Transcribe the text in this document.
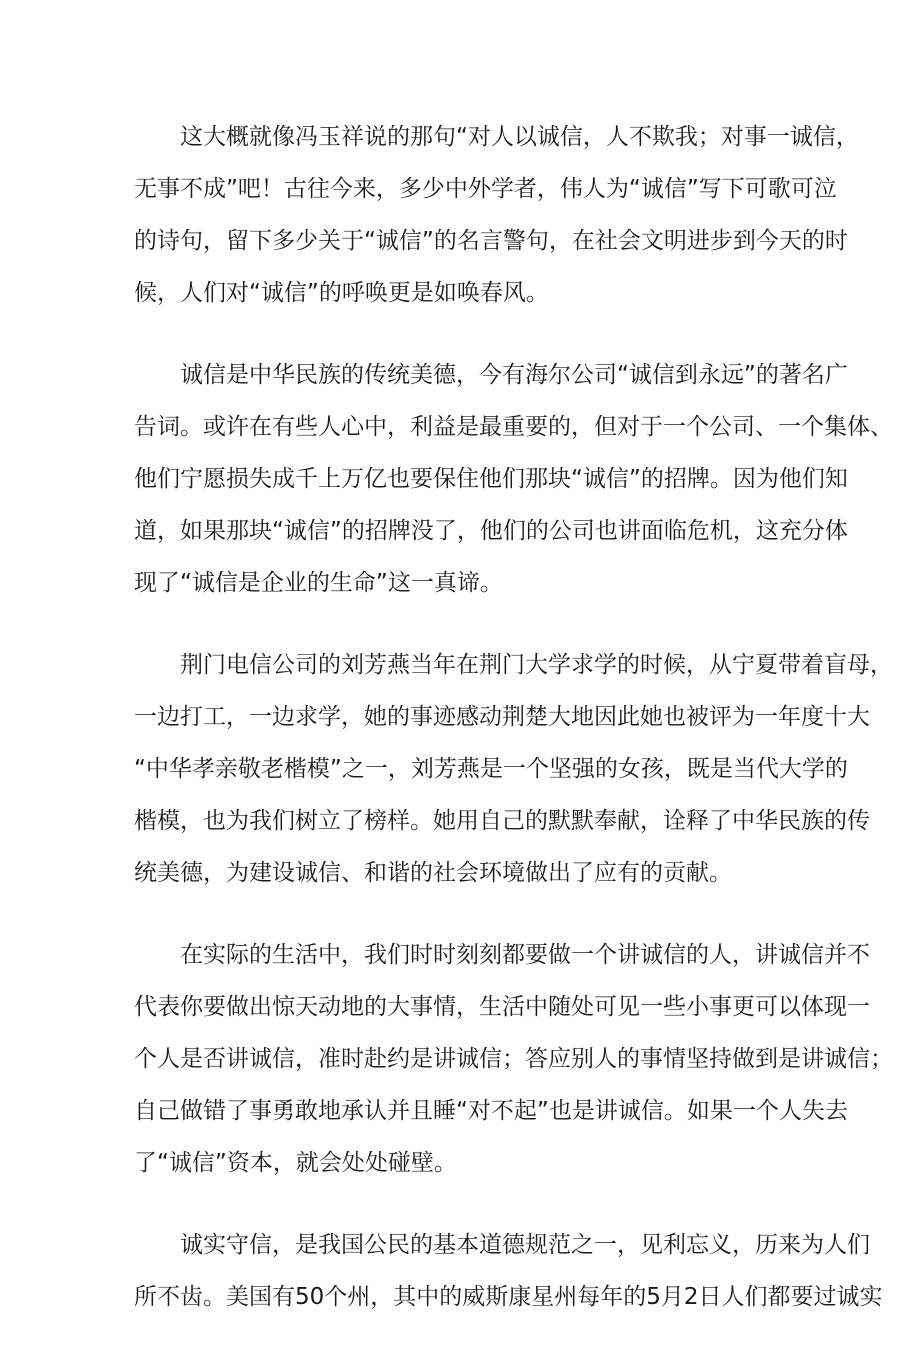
这大概就像冯玉祥说的那句“对人以诚信，人不欺我；对事一诚信，
无事不成”吧！古往今来，多少中外学者，伟人为“诚信”写下可歌可泣
的诗句，留下多少关于“诚信”的名言警句，在社会文明进步到今天的时
候，人们对“诚信”的呼唤更是如唤春风。

诚信是中华民族的传统美德，今有海尔公司“诚信到永远”的著名广
告词。或许在有些人心中，利益是最重要的，但对于一个公司、一个集体、
他们宁愿损失成千上万亿也要保住他们那块“诚信”的招牌。因为他们知
道，如果那块“诚信”的招牌没了，他们的公司也讲面临危机，这充分体
现了“诚信是企业的生命”这一真谛。

荆门电信公司的刘芳燕当年在荆门大学求学的时候，从宁夏带着盲母，
一边打工，一边求学，她的事迹感动荆楚大地因此她也被评为一年度十大
“中华孝亲敬老楷模”之一，刘芳燕是一个坚强的女孩，既是当代大学的
楷模，也为我们树立了榜样。她用自己的默默奉献，诠释了中华民族的传
统美德，为建设诚信、和谐的社会环境做出了应有的贡献。

在实际的生活中，我们时时刻刻都要做一个讲诚信的人，讲诚信并不
代表你要做出惊天动地的大事情，生活中随处可见一些小事更可以体现一
个人是否讲诚信，准时赴约是讲诚信；答应别人的事情坚持做到是讲诚信；
自己做错了事勇敢地承认并且睡“对不起”也是讲诚信。如果一个人失去
了“诚信”资本，就会处处碰壁。

诚实守信，是我国公民的基本道德规范之一，见利忘义，历来为人们
所不齿。美国有50个州，其中的威斯康星州每年的5月2日人们都要过诚实
